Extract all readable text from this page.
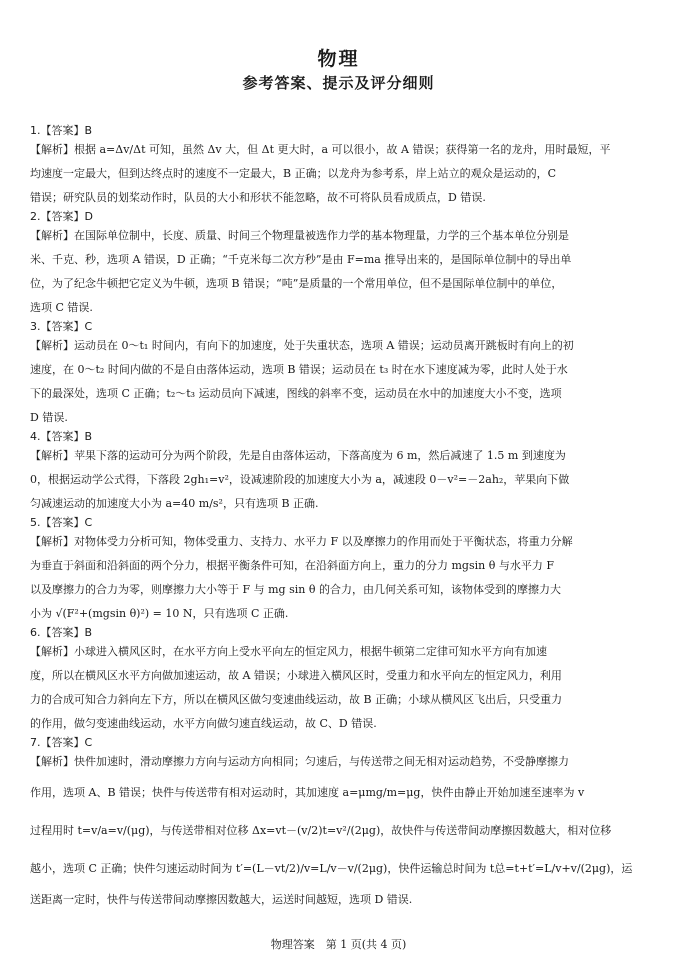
物理
参考答案、提示及评分细则
1.【答案】B
【解析】根据 a=Δv/Δt 可知，虽然 Δv 大，但 Δt 更大时，a 可以很小，故 A 错误；获得第一名的龙舟，用时最短，平
均速度一定最大，但到达终点时的速度不一定最大，B 正确；以龙舟为参考系，岸上站立的观众是运动的，C
错误；研究队员的划桨动作时，队员的大小和形状不能忽略，故不可将队员看成质点，D 错误.
2.【答案】D
【解析】在国际单位制中，长度、质量、时间三个物理量被选作力学的基本物理量，力学的三个基本单位分别是
米、千克、秒，选项 A 错误，D 正确；“千克米每二次方秒”是由 F=ma 推导出来的，是国际单位制中的导出单
位，为了纪念牛顿把它定义为牛顿，选项 B 错误；“吨”是质量的一个常用单位，但不是国际单位制中的单位，
选项 C 错误.
3.【答案】C
【解析】运动员在 0～t₁ 时间内，有向下的加速度，处于失重状态，选项 A 错误；运动员离开跳板时有向上的初
速度，在 0～t₂ 时间内做的不是自由落体运动，选项 B 错误；运动员在 t₃ 时在水下速度减为零，此时人处于水
下的最深处，选项 C 正确；t₂～t₃ 运动员向下减速，图线的斜率不变，运动员在水中的加速度大小不变，选项
D 错误.
4.【答案】B
【解析】苹果下落的运动可分为两个阶段，先是自由落体运动，下落高度为 6 m，然后减速了 1.5 m 到速度为
0，根据运动学公式得，下落段 2gh₁=v²，设减速阶段的加速度大小为 a，减速段 0－v²=－2ah₂，苹果向下做
匀减速运动的加速度大小为 a=40 m/s²，只有选项 B 正确.
5.【答案】C
【解析】对物体受力分析可知，物体受重力、支持力、水平力 F 以及摩擦力的作用而处于平衡状态，将重力分解
为垂直于斜面和沿斜面的两个分力，根据平衡条件可知，在沿斜面方向上，重力的分力 mgsin θ 与水平力 F
以及摩擦力的合力为零，则摩擦力大小等于 F 与 mg sin θ 的合力，由几何关系可知，该物体受到的摩擦力大
小为 √(F²+(mgsin θ)²) = 10 N，只有选项 C 正确.
6.【答案】B
【解析】小球进入横风区时，在水平方向上受水平向左的恒定风力，根据牛顿第二定律可知水平方向有加速
度，所以在横风区水平方向做加速运动，故 A 错误；小球进入横风区时，受重力和水平向左的恒定风力，利用
力的合成可知合力斜向左下方，所以在横风区做匀变速曲线运动，故 B 正确；小球从横风区飞出后，只受重力
的作用，做匀变速曲线运动，水平方向做匀速直线运动，故 C、D 错误.
7.【答案】C
【解析】快件加速时，滑动摩擦力方向与运动方向相同；匀速后，与传送带之间无相对运动趋势，不受静摩擦力
作用，选项 A、B 错误；快件与传送带有相对运动时，其加速度 a=μmg/m=μg，快件由静止开始加速至速率为 v
过程用时 t=v/a=v/(μg)，与传送带相对位移 Δx=vt－(v/2)t=v²/(2μg)，故快件与传送带间动摩擦因数越大，相对位移
越小，选项 C 正确；快件匀速运动时间为 t′=(L－vt/2)/v=L/v－v/(2μg)，快件运输总时间为 t总=t+t′=L/v+v/(2μg)，运
送距离一定时，快件与传送带间动摩擦因数越大，运送时间越短，选项 D 错误.
物理答案　第 1 页(共 4 页)
